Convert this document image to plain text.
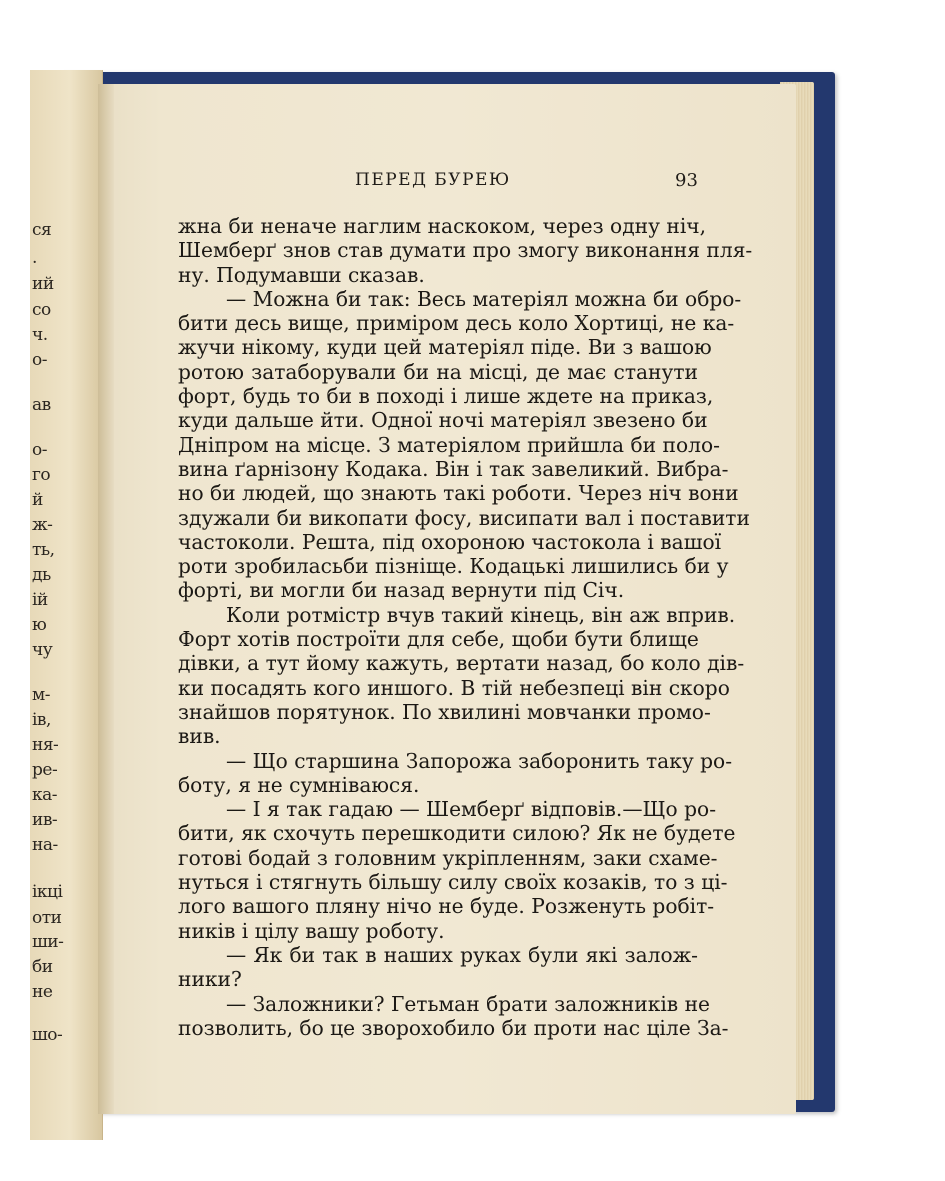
ся
.
ий
со
ч.
о-
ав
о-
го
й
ж-
ть,
дь
ій
ю
чу
м-
ів,
ня-
ре-
ка-
ив-
на-
ікці
оти
ши-
би
не
шо-
ПЕРЕД БУРЕЮ	93
жна би неначе наглим наскоком, через одну ніч,
Шемберґ знов став думати про змогу виконання пля-
ну. Подумавши сказав.
— Можна би так: Весь матеріял можна би обро-
бити десь вище, приміром десь коло Хортиці, не ка-
жучи нікому, куди цей матеріял піде. Ви з вашою
ротою затаборували би на місці, де має станути
форт, будь то би в поході і лише ждете на приказ,
куди дальше йти. Одної ночі матеріял звезено би
Дніпром на місце. З матеріялом прийшла би поло-
вина ґарнізону Кодака. Він і так завеликий. Вибра-
но би людей, що знають такі роботи. Через ніч вони
здужали би викопати фосу, висипати вал і поставити
частоколи. Решта, під охороною частокола і вашої
роти зробиласьби пізніще. Кодацькі лишились би у
форті, ви могли би назад вернути під Січ.
Коли ротмістр вчув такий кінець, він аж вприв.
Форт хотів построїти для себе, щоби бути блище
дівки, а тут йому кажуть, вертати назад, бо коло дів-
ки посадять кого иншого. В тій небезпеці він скоро
знайшов порятунок. По хвилині мовчанки промо-
вив.
— Що старшина Запорожа заборонить таку ро-
боту, я не сумніваюся.
— І я так гадаю — Шемберґ відповів.—Що ро-
бити, як схочуть перешкодити силою? Як не будете
готові бодай з головним укріпленням, заки схаме-
нуться і стягнуть більшу силу своїх козаків, то з ці-
лого вашого пляну нічо не буде. Розженуть робіт-
ників і цілу вашу роботу.
— Як би так в наших руках були які залож-
ники?
— Заложники? Гетьман брати заложників не
позволить, бо це зворохобило би проти нас ціле За-
